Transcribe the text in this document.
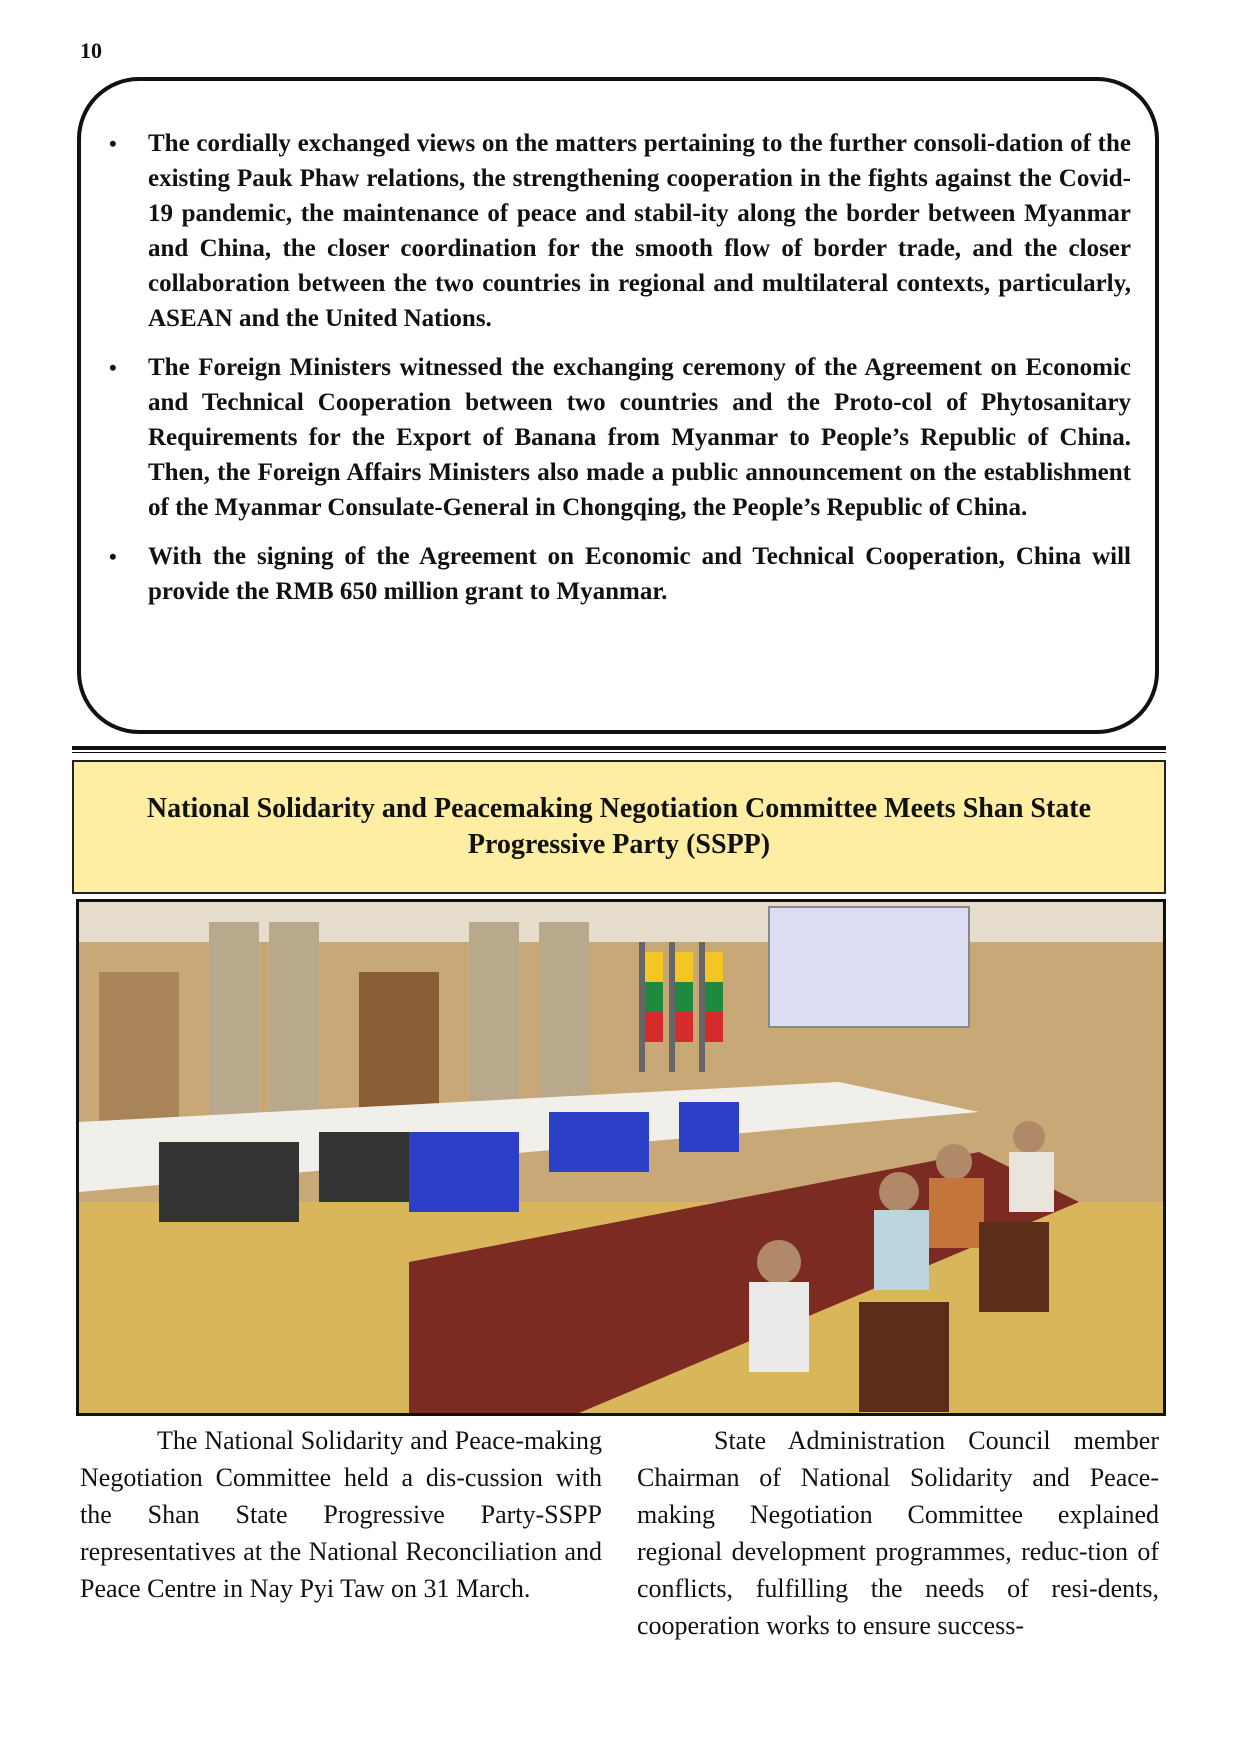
10
• The cordially exchanged views on the matters pertaining to the further consoli-dation of the existing Pauk Phaw relations, the strengthening cooperation in the fights against the Covid-19 pandemic, the maintenance of peace and stabil-ity along the border between Myanmar and China, the closer coordination for the smooth flow of border trade, and the closer collaboration between the two countries in regional and multilateral contexts, particularly, ASEAN and the United Nations.
• The Foreign Ministers witnessed the exchanging ceremony of the Agreement on Economic and Technical Cooperation between two countries and the Proto-col of Phytosanitary Requirements for the Export of Banana from Myanmar to People’s Republic of China. Then, the Foreign Affairs Ministers also made a public announcement on the establishment of the Myanmar Consulate-General in Chongqing, the People’s Republic of China.
• With the signing of the Agreement on Economic and Technical Cooperation, China will provide the RMB 650 million grant to Myanmar.
National Solidarity and Peacemaking Negotiation Committee Meets Shan State Progressive Party (SSPP)

The National Solidarity and Peace-making Negotiation Committee held a dis-cussion with the Shan State Progressive Party-SSPP representatives at the National Reconciliation and Peace Centre in Nay Pyi Taw on 31 March.

State Administration Council member Chairman of National Solidarity and Peace-making Negotiation Committee explained regional development programmes, reduc-tion of conflicts, fulfilling the needs of resi-dents, cooperation works to ensure success-
